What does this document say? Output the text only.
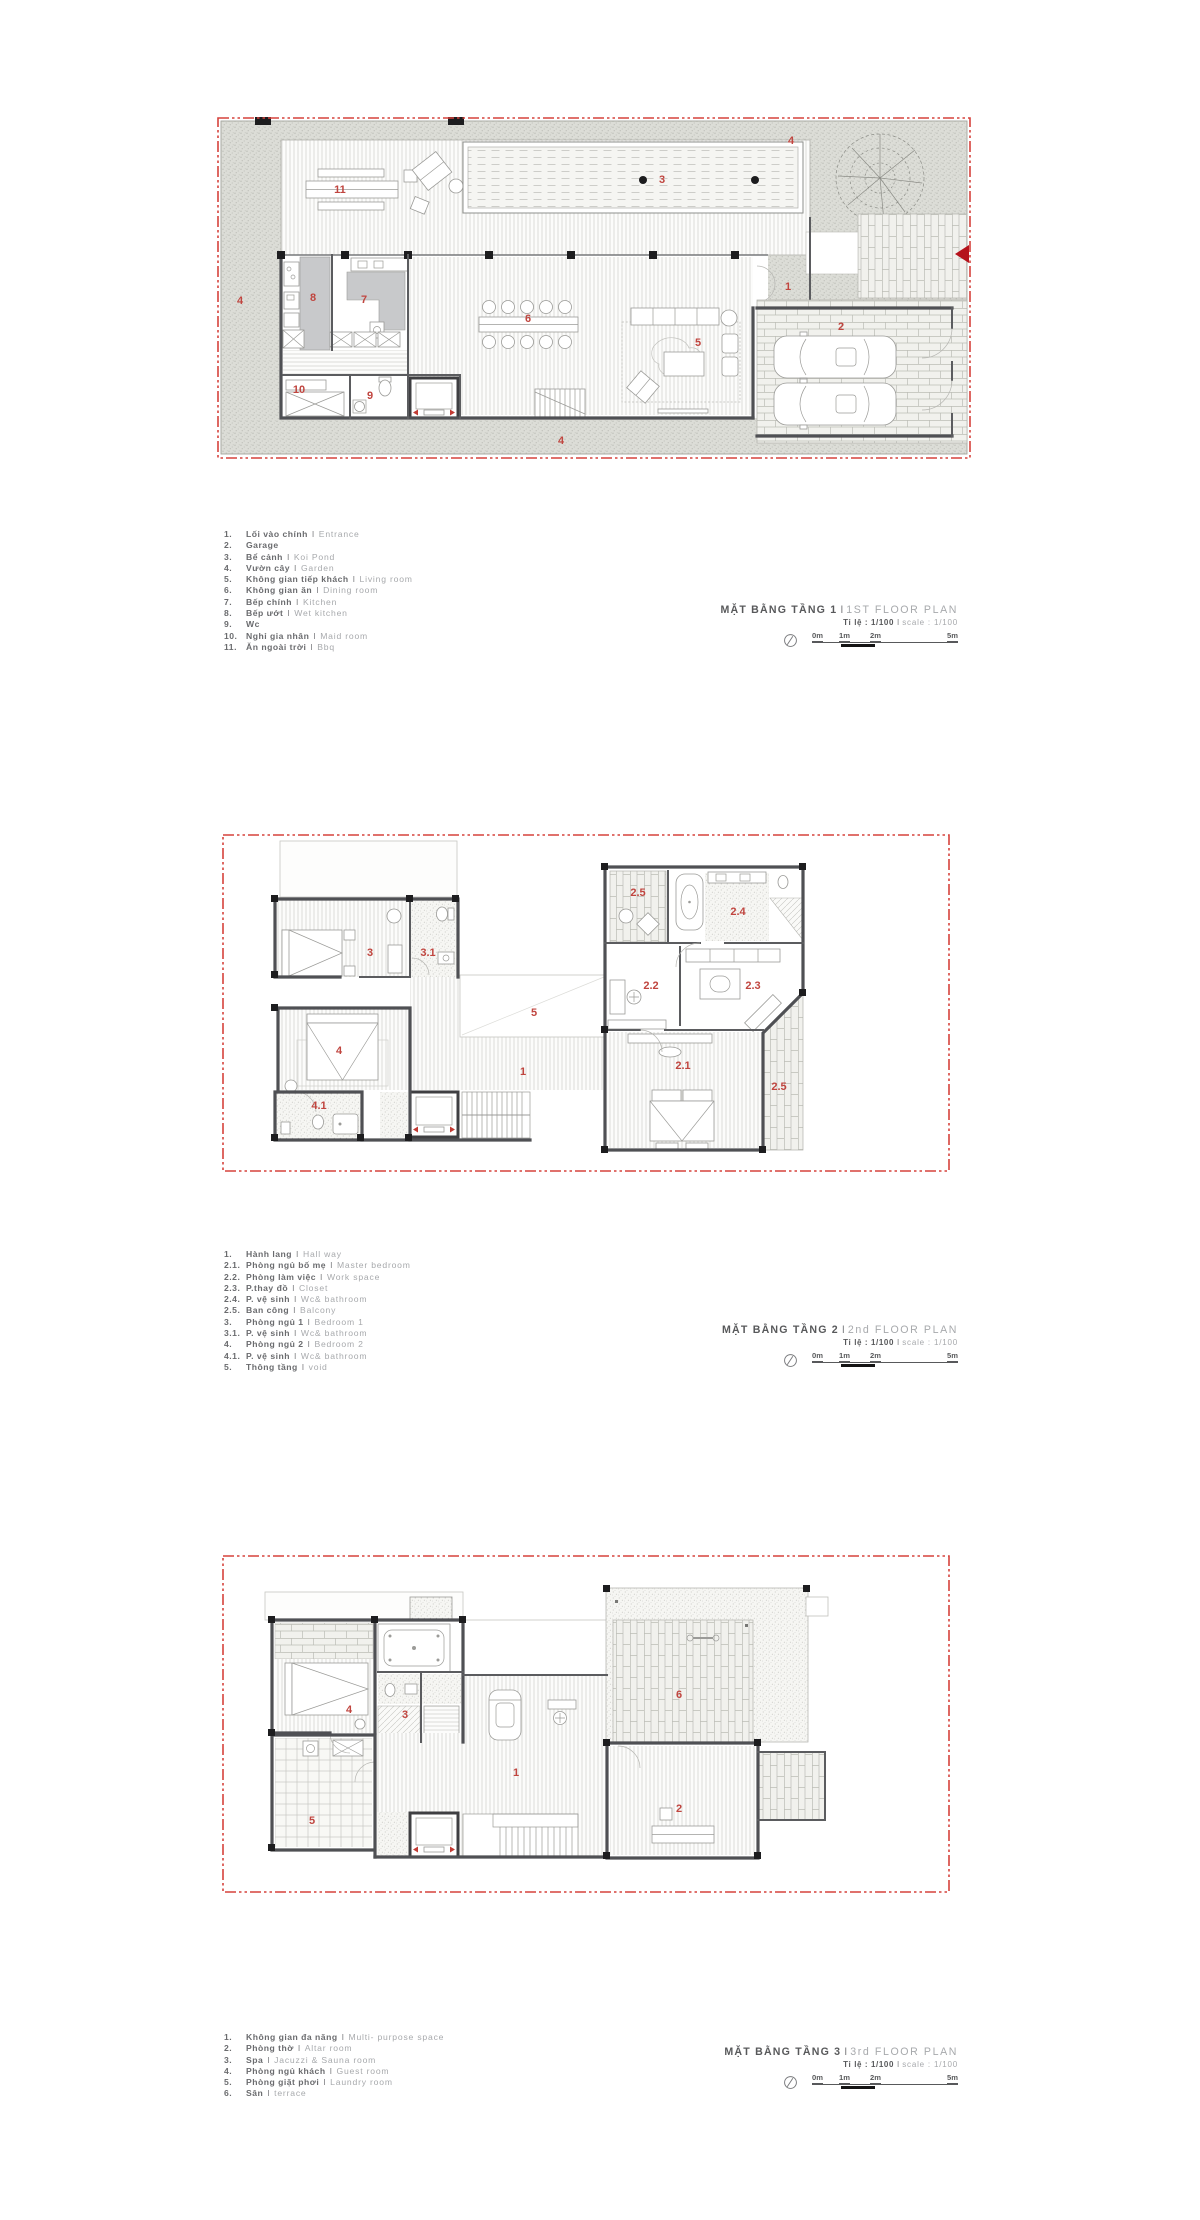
4
11
3
4
1
8	7
6
5
2
10	9
4
3	3.1
5
4
4.1
1
2.5
2.4
2.2	2.3
2.1
2.5
4	3
1
5
6
2
1.	Lối vào chính I Entrance
2.	Garage
3.	Bể cảnh I Koi Pond
4.	Vườn cây I Garden
5.	Không gian tiếp khách I Living room
6.	Không gian ăn I Dining room
7.	Bếp chính I Kitchen
8.	Bếp ướt I Wet kitchen
9.	Wc
10. Nghỉ gia nhân I Maid room
11.	Ăn ngoài trời I Bbq
MẶT BẰNG TẦNG 1 I 1ST FLOOR PLAN
Tỉ lệ : 1/100 I scale : 1/100
0m 1m	2m	5m
1.	Hành lang I Hall way
2.1. Phòng ngủ bố mẹ I Master bedroom
2.2. Phòng làm việc I Work space
2.3. P.thay đồ I Closet
2.4. P. vệ sinh I Wc& bathroom
2.5. Ban công I Balcony
3.	Phòng ngủ 1 I Bedroom 1
3.1. P. vệ sinh I Wc& bathroom
4.	Phòng ngủ 2 I Bedroom 2
4.1. P. vệ sinh I Wc& bathroom
5.	Thông tầng I void
MẶT BẰNG TẦNG 2 I 2nd FLOOR PLAN
Tỉ lệ : 1/100 I scale : 1/100
0m 1m	2m	5m
1.	Không gian đa năng I Multi- purpose space
2.	Phòng thờ I Altar room
3.	Spa I Jacuzzi & Sauna room
4.	Phòng ngủ khách I Guest room
5.	Phòng giặt phơi I Laundry room
6.	Sân I terrace
MẶT BẰNG TẦNG 3 I 3rd FLOOR PLAN
Tỉ lệ : 1/100 I scale : 1/100
0m 1m	2m	5m
